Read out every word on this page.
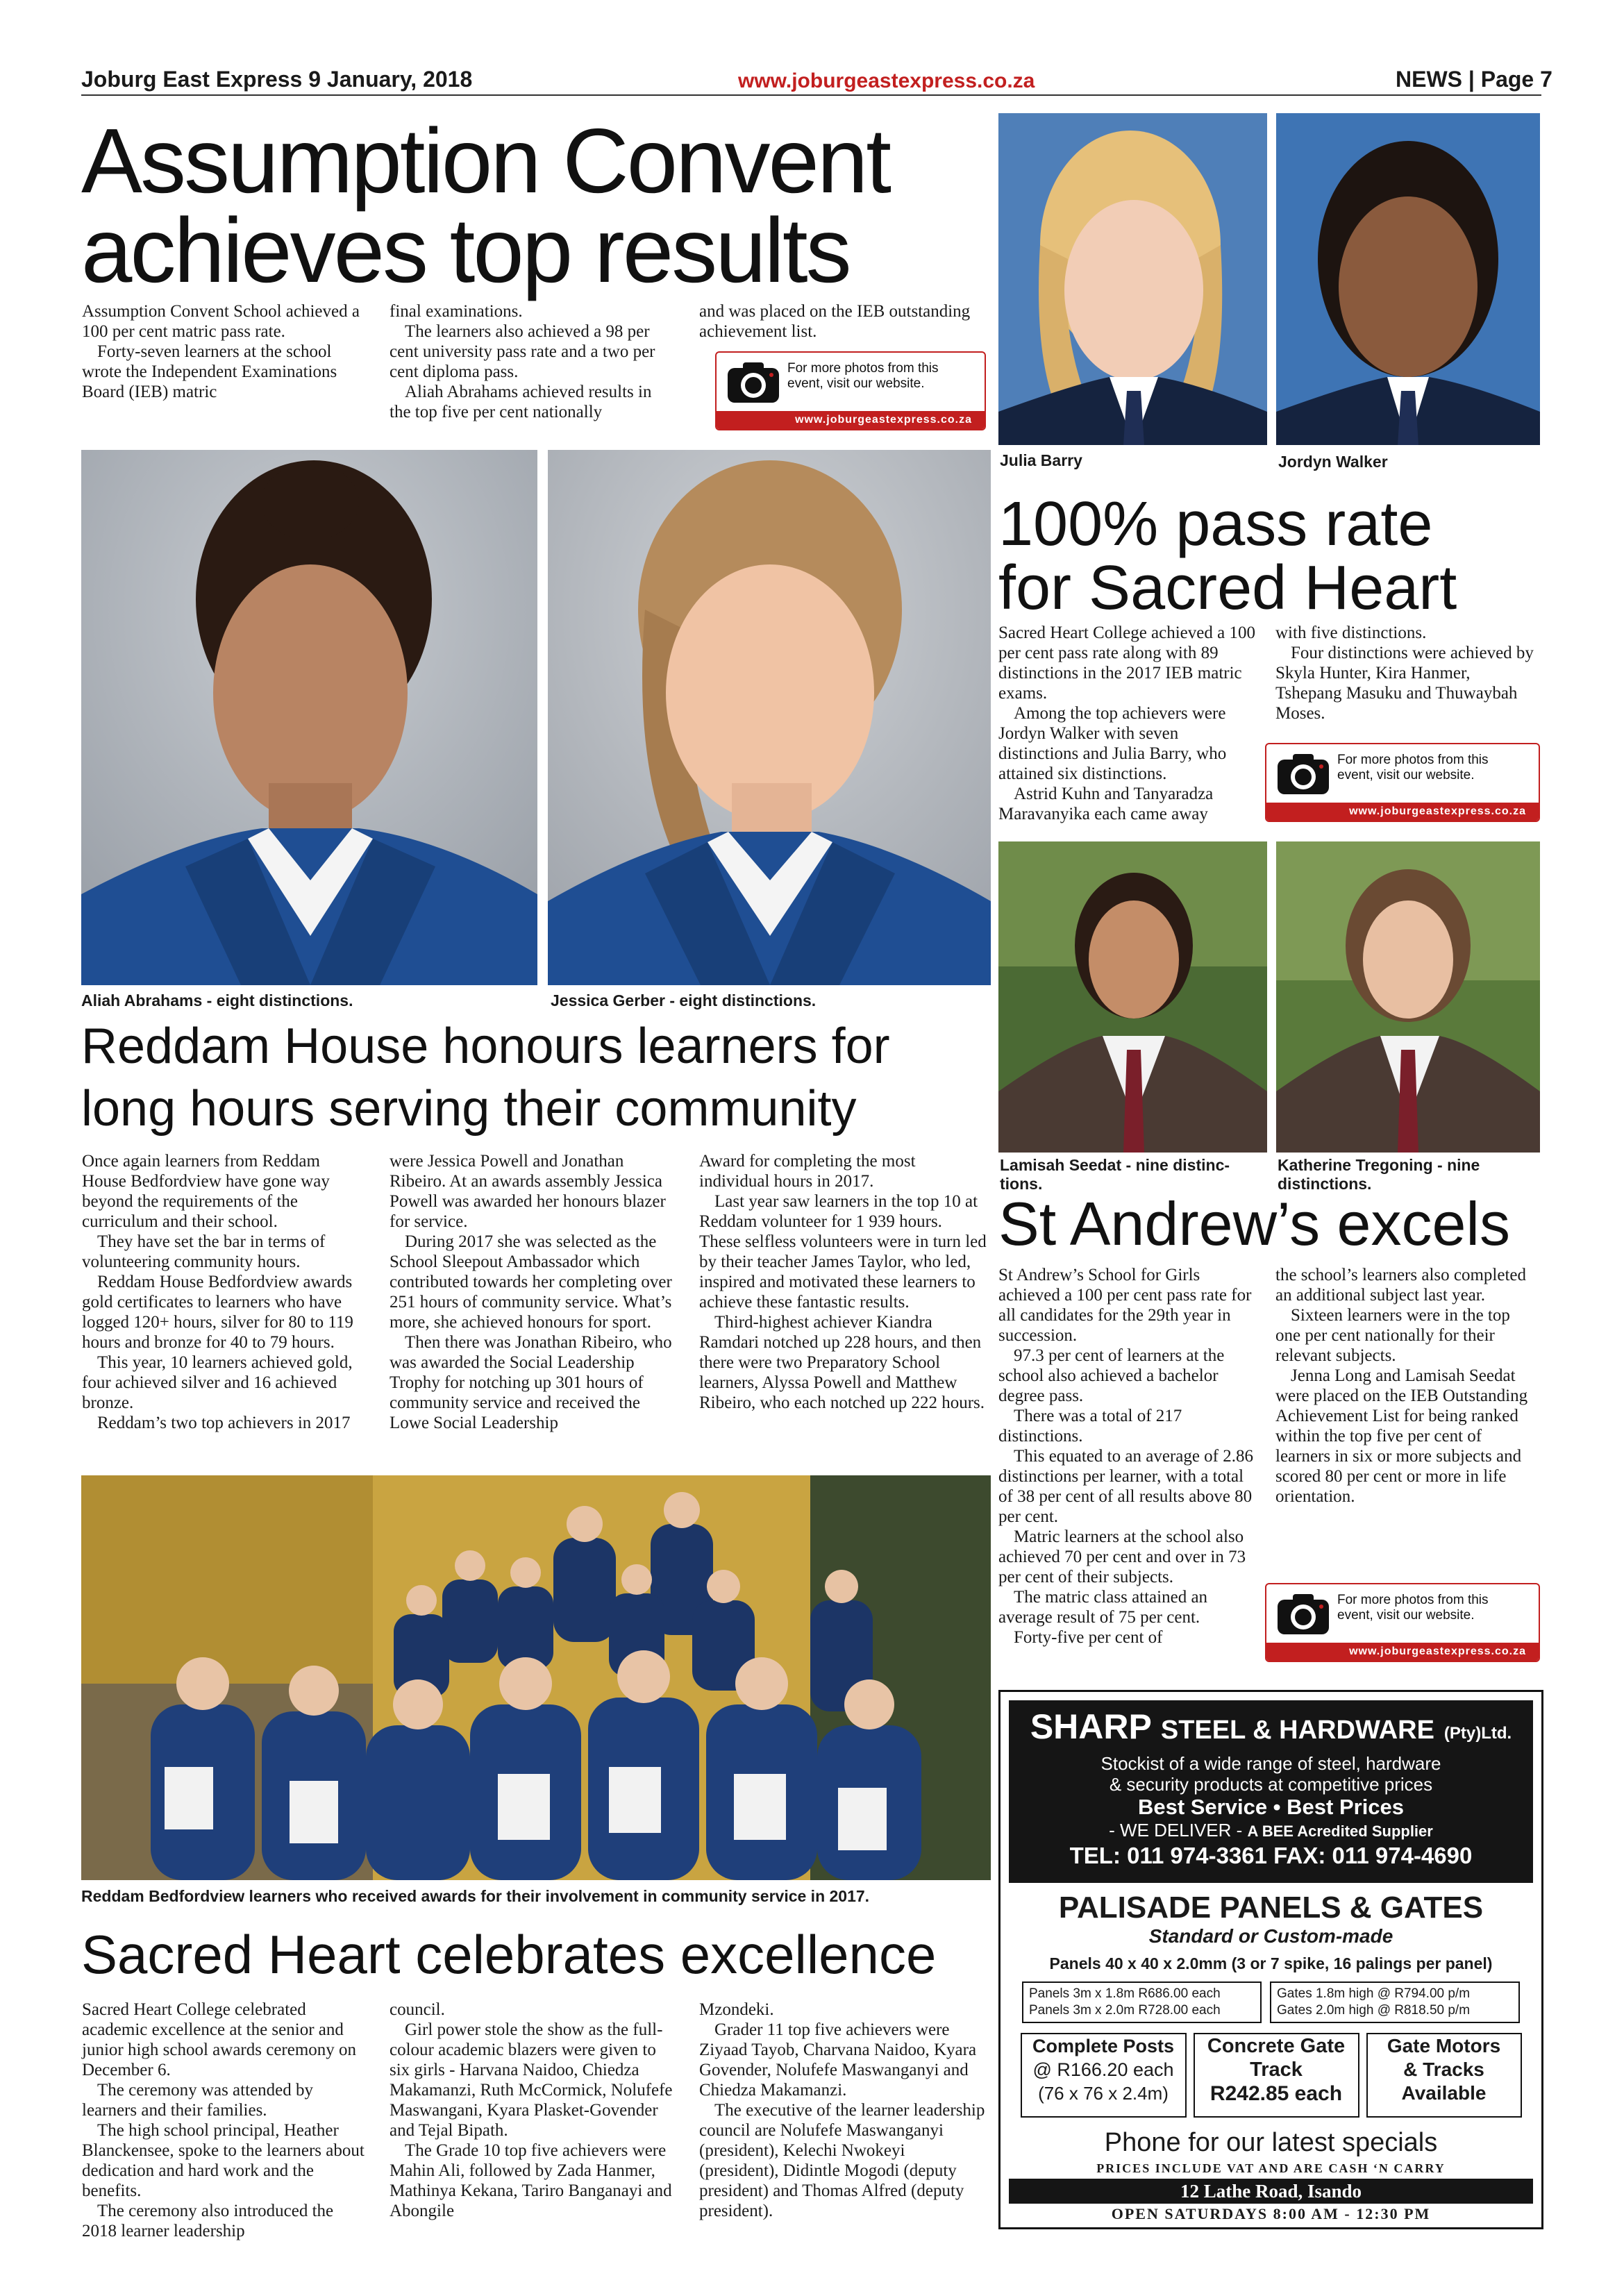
Joburg East Express 9 January, 2018	www.joburgeastexpress.co.za	NEWS | Page 7
Assumption Convent
achieves top results

Assumption Convent School achieved a 100 per cent matric pass rate.

Forty-seven learners at the school wrote the Independent Examinations Board (IEB) matric

final examinations.

The learners also achieved a 98 per cent university pass rate and a two per cent diploma pass.

Aliah Abrahams achieved results in the top five per cent nationally

and was placed on the IEB outstanding achievement list.

For more photos from this
event, visit our website.
www.joburgeastexpress.co.za
Aliah Abrahams - eight distinctions.	Jessica Gerber - eight distinctions.
Julia Barry	Jordyn Walker
100% pass rate
for Sacred Heart

Sacred Heart College achieved a 100 per cent pass rate along with 89 distinctions in the 2017 IEB matric exams.

Among the top achievers were Jordyn Walker with seven distinctions and Julia Barry, who attained six distinctions.

Astrid Kuhn and Tanyaradza Maravanyika each came away

with five distinctions.

Four distinctions were achieved by Skyla Hunter, Kira Hanmer, Tshepang Masuku and Thuwaybah Moses.

For more photos from this
event, visit our website.
www.joburgeastexpress.co.za
Lamisah Seedat - nine distinc-
tions.
Katherine Tregoning - nine
distinctions.
St Andrew’s excels

St Andrew’s School for Girls achieved a 100 per cent pass rate for all candidates for the 29th year in succession.

97.3 per cent of learners at the school also achieved a bachelor degree pass.

There was a total of 217 distinctions.

This equated to an average of 2.86 distinctions per learner, with a total of 38 per cent of all results above 80 per cent.

Matric learners at the school also achieved 70 per cent and over in 73 per cent of their subjects.

The matric class attained an average result of 75 per cent.

Forty-five per cent of

the school’s learners also completed an additional subject last year.

Sixteen learners were in the top one per cent nationally for their relevant subjects.

Jenna Long and Lamisah Seedat were placed on the IEB Outstanding Achievement List for being ranked within the top five per cent of learners in six or more subjects and scored 80 per cent or more in life orientation.

For more photos from this
event, visit our website.
www.joburgeastexpress.co.za
Reddam House honours learners for
long hours serving their community

Once again learners from Reddam House Bedfordview have gone way beyond the requirements of the curriculum and their school.

They have set the bar in terms of volunteering community hours.

Reddam House Bedfordview awards gold certificates to learners who have logged 120+ hours, silver for 80 to 119 hours and bronze for 40 to 79 hours.

This year, 10 learners achieved gold, four achieved silver and 16 achieved bronze.

Reddam’s two top achievers in 2017

were Jessica Powell and Jonathan Ribeiro. At an awards assembly Jessica Powell was awarded her honours blazer for service.

During 2017 she was selected as the School Sleepout Ambassador which contributed towards her completing over 251 hours of community service. What’s more, she achieved honours for sport.

Then there was Jonathan Ribeiro, who was awarded the Social Leadership Trophy for notching up 301 hours of community service and received the Lowe Social Leadership

Award for completing the most individual hours in 2017.

Last year saw learners in the top 10 at Reddam volunteer for 1 939 hours. These selfless volunteers were in turn led by their teacher James Taylor, who led, inspired and motivated these learners to achieve these fantastic results.

Third-highest achiever Kiandra Ramdari notched up 228 hours, and then there were two Preparatory School learners, Alyssa Powell and Matthew Ribeiro, who each notched up 222 hours.

Reddam Bedfordview learners who received awards for their involvement in community service in 2017.
Sacred Heart celebrates excellence

Sacred Heart College celebrated academic excellence at the senior and junior high school awards ceremony on December 6.

The ceremony was attended by learners and their families.

The high school principal, Heather Blanckensee, spoke to the learners about dedication and hard work and the benefits.

The ceremony also introduced the 2018 learner leadership

council.

Girl power stole the show as the full-colour academic blazers were given to six girls - Harvana Naidoo, Chiedza Makamanzi, Ruth McCormick, Nolufefe Maswangani, Kyara Plasket-Govender and Tejal Bipath.

The Grade 10 top five achievers were Mahin Ali, followed by Zada Hanmer, Mathinya Kekana, Tariro Banganayi and Abongile

Mzondeki.

Grader 11 top five achievers were Ziyaad Tayob, Charvana Naidoo, Kyara Govender, Nolufefe Maswanganyi and Chiedza Makamanzi.

The executive of the learner leadership council are Nolufefe Maswanganyi (president), Kelechi Nwokeyi (president), Didintle Mogodi (deputy president) and Thomas Alfred (deputy president).

SHARP STEEL & HARDWARE (Pty)Ltd.
Stockist of a wide range of steel, hardware
& security products at competitive prices
Best Service • Best Prices
- WE DELIVER - A BEE Acredited Supplier
TEL: 011 974-3361 FAX: 011 974-4690
PALISADE PANELS & GATES
Standard or Custom-made
Panels 40 x 40 x 2.0mm (3 or 7 spike, 16 palings per panel)
Panels 3m x 1.8m R686.00 each
Panels 3m x 2.0m R728.00 each
Gates 1.8m high @ R794.00 p/m
Gates 2.0m high @ R818.50 p/m
Complete Posts
@ R166.20 each
(76 x 76 x 2.4m)
Concrete Gate
Track
R242.85 each
Gate Motors
& Tracks
Available
Phone for our latest specials
PRICES INCLUDE VAT AND ARE CASH ‘N CARRY
12 Lathe Road, Isando
OPEN SATURDAYS 8:00 AM - 12:30 PM
